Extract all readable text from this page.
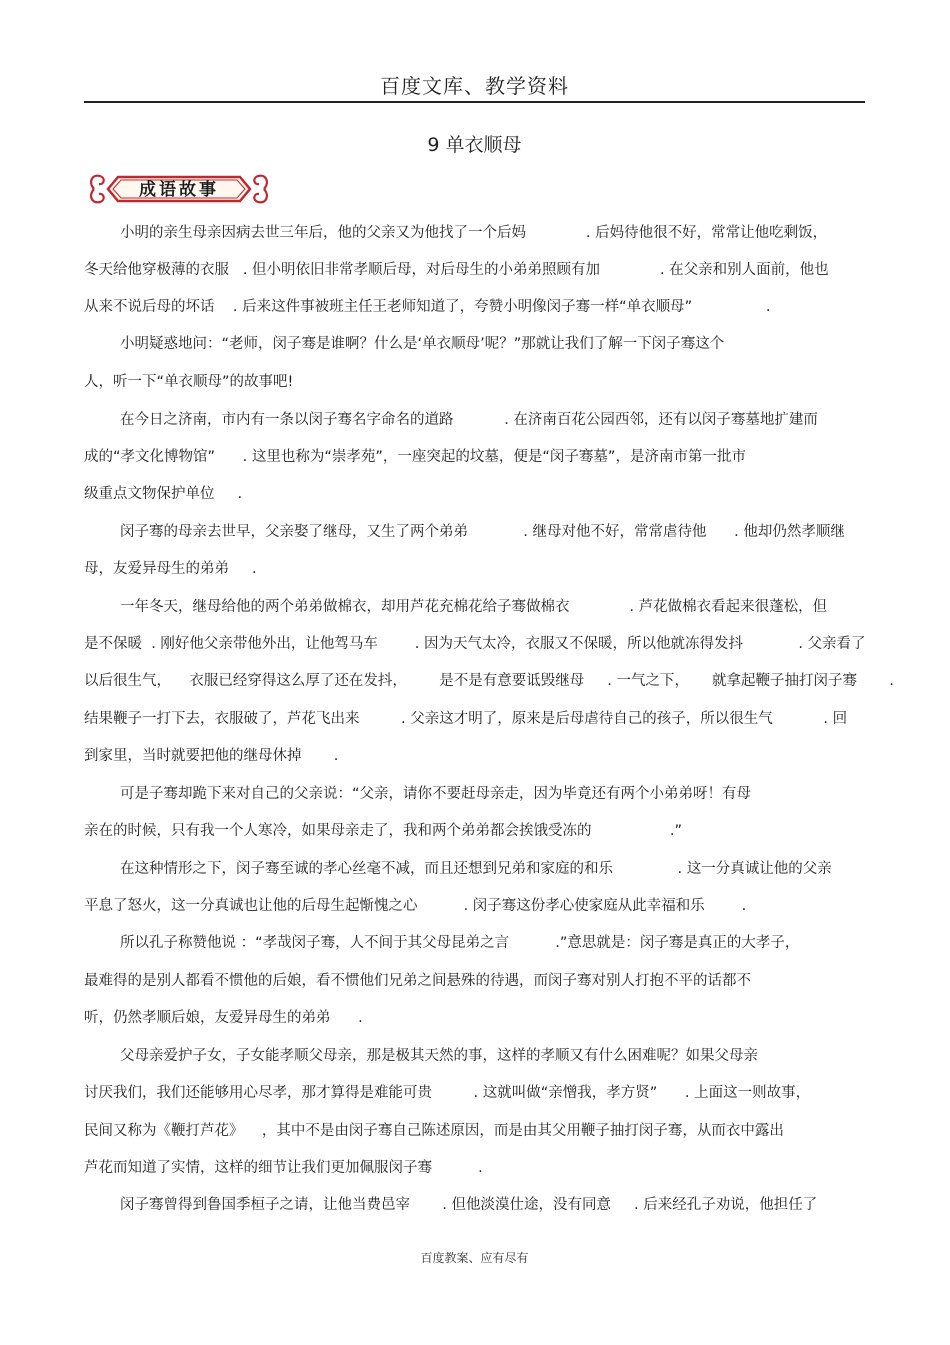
百度文库、教学资料
9 单衣顺母
成语故事
小明的亲生母亲因病去世三年后，他的父亲又为他找了一个后妈             . 后妈待他很不好，常常让他吃剩饭，
冬天给他穿极薄的衣服   . 但小明依旧非常孝顺后母，对后母生的小弟弟照顾有加             . 在父亲和别人面前，他也
从来不说后母的坏话    . 后来这件事被班主任王老师知道了，夸赞小明像闵子骞一样“单衣顺母”                .
小明疑惑地问：“老师，闵子骞是谁啊？什么是‘单衣顺母’呢？”那就让我们了解一下闵子骞这个
人，听一下“单衣顺母”的故事吧!
在今日之济南，市内有一条以闵子骞名字命名的道路           . 在济南百花公园西邻，还有以闵子骞墓地扩建而
成的“孝文化博物馆”      . 这里也称为“崇孝苑”，一座突起的坟墓，便是“闵子骞墓”，是济南市第一批市
级重点文物保护单位     .
闵子骞的母亲去世早，父亲娶了继母，又生了两个弟弟            . 继母对他不好，常常虐待他      . 他却仍然孝顺继
母，友爱异母生的弟弟     .
一年冬天，继母给他的两个弟弟做棉衣，却用芦花充棉花给子骞做棉衣             . 芦花做棉衣看起来很蓬松，但
是不保暖  . 刚好他父亲带他外出，让他驾马车        . 因为天气太冷，衣服又不保暖，所以他就冻得发抖            . 父亲看了
以后很生气，    衣服已经穿得这么厚了还在发抖，       是不是有意要诋毁继母     . 一气之下，     就拿起鞭子抽打闵子骞       .
结果鞭子一打下去，衣服破了，芦花飞出来         . 父亲这才明了，原来是后母虐待自己的孩子，所以很生气           . 回
到家里，当时就要把他的继母休掉       .
可是子骞却跪下来对自己的父亲说：“父亲，请你不要赶母亲走，因为毕竟还有两个小弟弟呀！有母
亲在的时候，只有我一个人寒冷，如果母亲走了，我和两个弟弟都会挨饿受冻的                 .”
在这种情形之下，闵子骞至诚的孝心丝毫不减，而且还想到兄弟和家庭的和乐              . 这一分真诚让他的父亲
平息了怒火，这一分真诚也让他的后母生起惭愧之心          . 闵子骞这份孝心使家庭从此幸福和乐        .
所以孔子称赞他说 ：“孝哉闵子骞，人不间于其父母昆弟之言          .”意思就是：闵子骞是真正的大孝子，
最难得的是别人都看不惯他的后娘，看不惯他们兄弟之间悬殊的待遇，而闵子骞对别人打抱不平的话都不
听，仍然孝顺后娘，友爱异母生的弟弟      .
父母亲爱护子女，子女能孝顺父母亲，那是极其天然的事，这样的孝顺又有什么困难呢？如果父母亲
讨厌我们，我们还能够用心尽孝，那才算得是难能可贵         . 这就叫做“亲憎我，孝方贤”      . 上面这一则故事，
民间又称为《鞭打芦花》    ，其中不是由闵子骞自己陈述原因，而是由其父用鞭子抽打闵子骞，从而衣中露出
芦花而知道了实情，这样的细节让我们更加佩服闵子骞          .
闵子骞曾得到鲁国季桓子之请，让他当费邑宰       . 但他淡漠仕途，没有同意     . 后来经孔子劝说，他担任了
百度教案、应有尽有
